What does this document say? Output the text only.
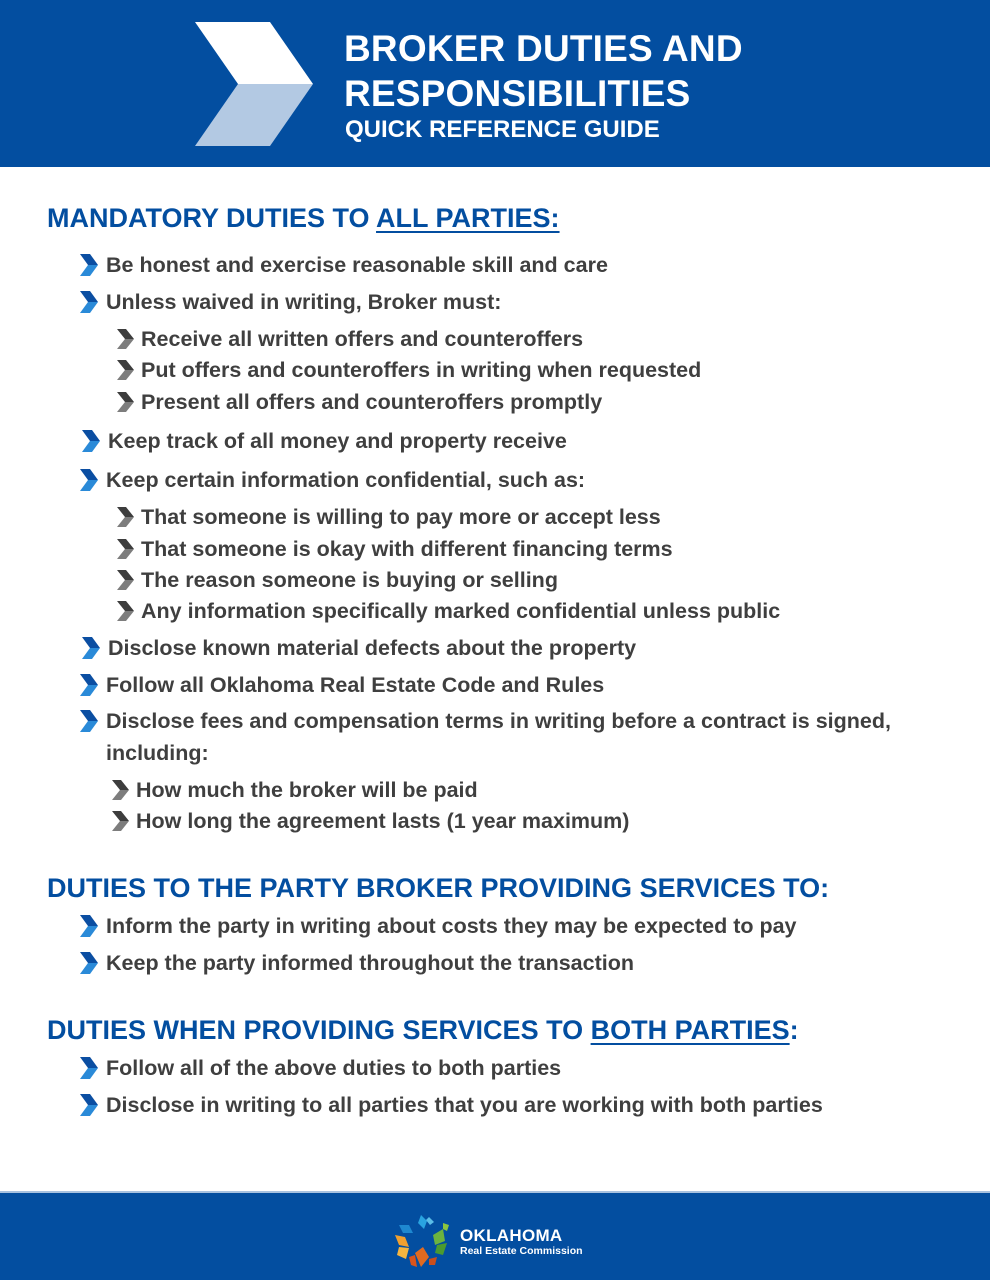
BROKER DUTIES AND
RESPONSIBILITIES
QUICK REFERENCE GUIDE
MANDATORY DUTIES TO ALL PARTIES:
Be honest and exercise reasonable skill and care
Unless waived in writing, Broker must:
Receive all written offers and counteroffers
Put offers and counteroffers in writing when requested
Present all offers and counteroffers promptly
Keep track of all money and property receive
Keep certain information confidential, such as:
That someone is willing to pay more or accept less
That someone is okay with different financing terms
The reason someone is buying or selling
Any information specifically marked confidential unless public
Disclose known material defects about the property
Follow all Oklahoma Real Estate Code and Rules
Disclose fees and compensation terms in writing before a contract is signed, including:
How much the broker will be paid
How long the agreement lasts (1 year maximum)
DUTIES TO THE PARTY BROKER PROVIDING SERVICES TO:
Inform the party in writing about costs they may be expected to pay
Keep the party informed throughout the transaction
DUTIES WHEN PROVIDING SERVICES TO BOTH PARTIES:
Follow all of the above duties to both parties
Disclose in writing to all parties that you are working with both parties
OKLAHOMA
Real Estate Commission
